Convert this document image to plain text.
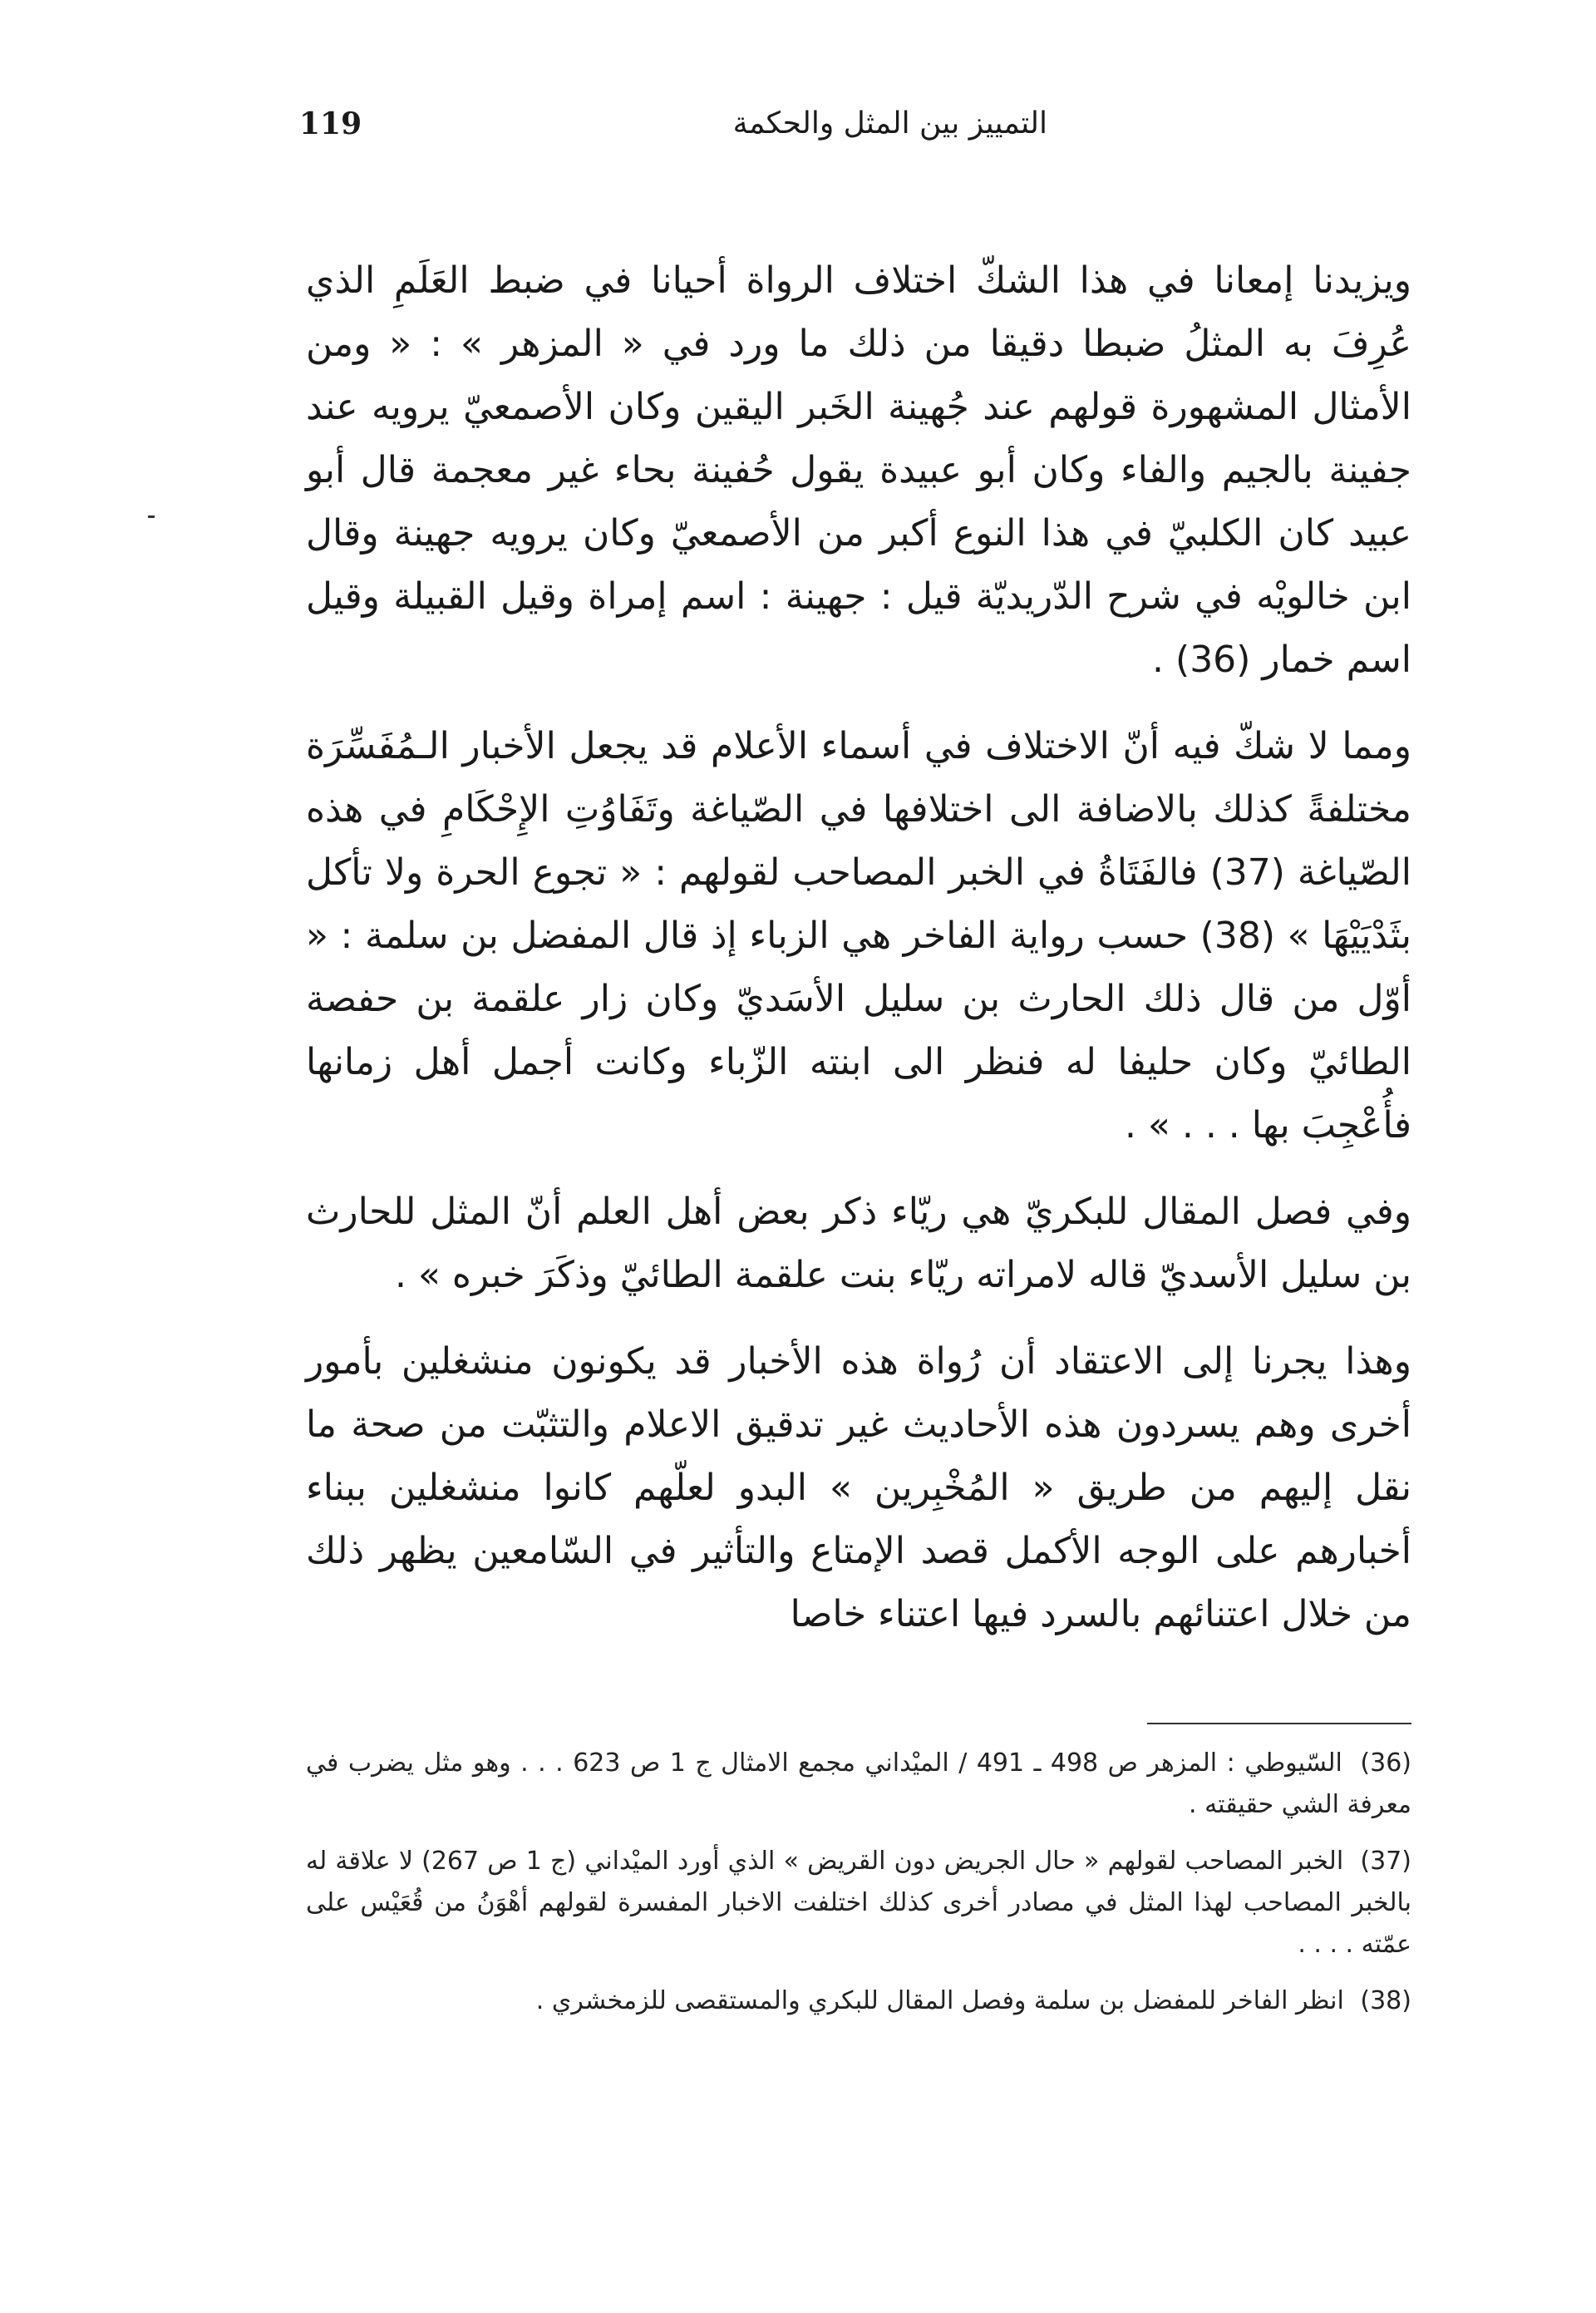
119	التمييز بين المثل والحكمة

ويزيدنا إمعانا في هذا الشكّ اختلاف الرواة أحيانا في ضبط العَلَمِ الذي عُرِفَ به المثلُ ضبطا دقيقا من ذلك ما ورد في « المزهر » : « ومن الأمثال المشهورة قولهم عند جُهينة الخَبر اليقين وكان الأصمعيّ يرويه عند جفينة بالجيم والفاء وكان أبو عبيدة يقول حُفينة بحاء غير معجمة قال أبو عبيد كان الكلبيّ في هذا النوع أكبر من الأصمعيّ وكان يرويه جهينة وقال ابن خالويْه في شرح الدّريديّة قيل : جهينة : اسم إمراة وقيل القبيلة وقيل اسم خمار (36) .

ومما لا شكّ فيه أنّ الاختلاف في أسماء الأعلام قد يجعل الأخبار الـمُفَسِّرَة مختلفةً كذلك بالاضافة الى اختلافها في الصّياغة وتَفَاوُتِ الإِحْكَامِ في هذه الصّياغة (37) فالفَتَاةُ في الخبر المصاحب لقولهم : « تجوع الحرة ولا تأكل بثَدْيَيْهَا » (38) حسب رواية الفاخر هي الزباء إذ قال المفضل بن سلمة : « أوّل من قال ذلك الحارث بن سليل الأسَديّ وكان زار علقمة بن حفصة الطائيّ وكان حليفا له فنظر الى ابنته الزّباء وكانت أجمل أهل زمانها فأُعْجِبَ بها . . . » .

وفي فصل المقال للبكريّ هي ريّاء ذكر بعض أهل العلم أنّ المثل للحارث بن سليل الأسديّ قاله لامراته ريّاء بنت علقمة الطائيّ وذكَرَ خبره » .

وهذا يجرنا إلى الاعتقاد أن رُواة هذه الأخبار قد يكونون منشغلين بأمور أخرى وهم يسردون هذه الأحاديث غير تدقيق الاعلام والتثبّت من صحة ما نقل إليهم من طريق « المُخْبِرين » البدو لعلّهم كانوا منشغلين ببناء أخبارهم على الوجه الأكمل قصد الإمتاع والتأثير في السّامعين يظهر ذلك من خلال اعتنائهم بالسرد فيها اعتناء خاصا

(36) السّيوطي : المزهر ص 498 ـ 491 / الميْداني مجمع الامثال ج 1 ص 623 . . . وهو مثل يضرب في معرفة الشي حقيقته .
(37) الخبر المصاحب لقولهم « حال الجريض دون القريض » الذي أورد الميْداني (ج 1 ص 267) لا علاقة له بالخبر المصاحب لهذا المثل في مصادر أخرى كذلك اختلفت الاخبار المفسرة لقولهم أهْوَنُ من قُعَيْس على عمّته . . . .
(38) انظر الفاخر للمفضل بن سلمة وفصل المقال للبكري والمستقصى للزمخشري .
